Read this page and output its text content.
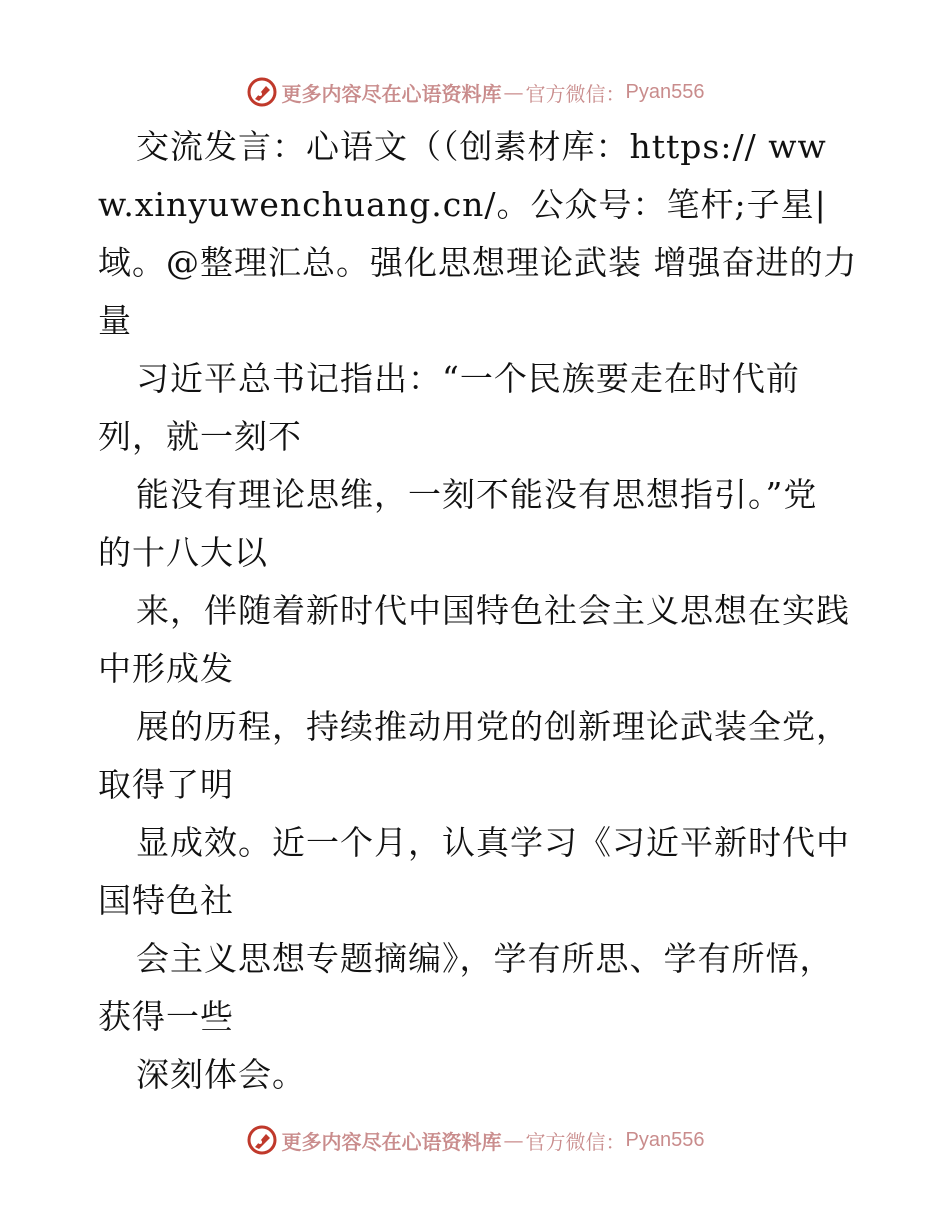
更多内容尽在心语资料库 — 官方微信： Pyan556

交流发言：心语文（（创素材库：https:// www.xinyuwenchuang.cn/。公众号：笔杆;子星| 域。@整理汇总。强化思想理论武装 增强奋进的力 量

习近平总书记指出：“一个民族要走在时代前 列，就一刻不

能没有理论思维，一刻不能没有思想指引。”党 的十八大以

来，伴随着新时代中国特色社会主义思想在实践 中形成发

展的历程，持续推动用党的创新理论武装全党， 取得了明

显成效。近一个月，认真学习《习近平新时代中 国特色社

会主义思想专题摘编》，学有所思、学有所悟， 获得一些

深刻体会。

更多内容尽在心语资料库 — 官方微信： Pyan556
